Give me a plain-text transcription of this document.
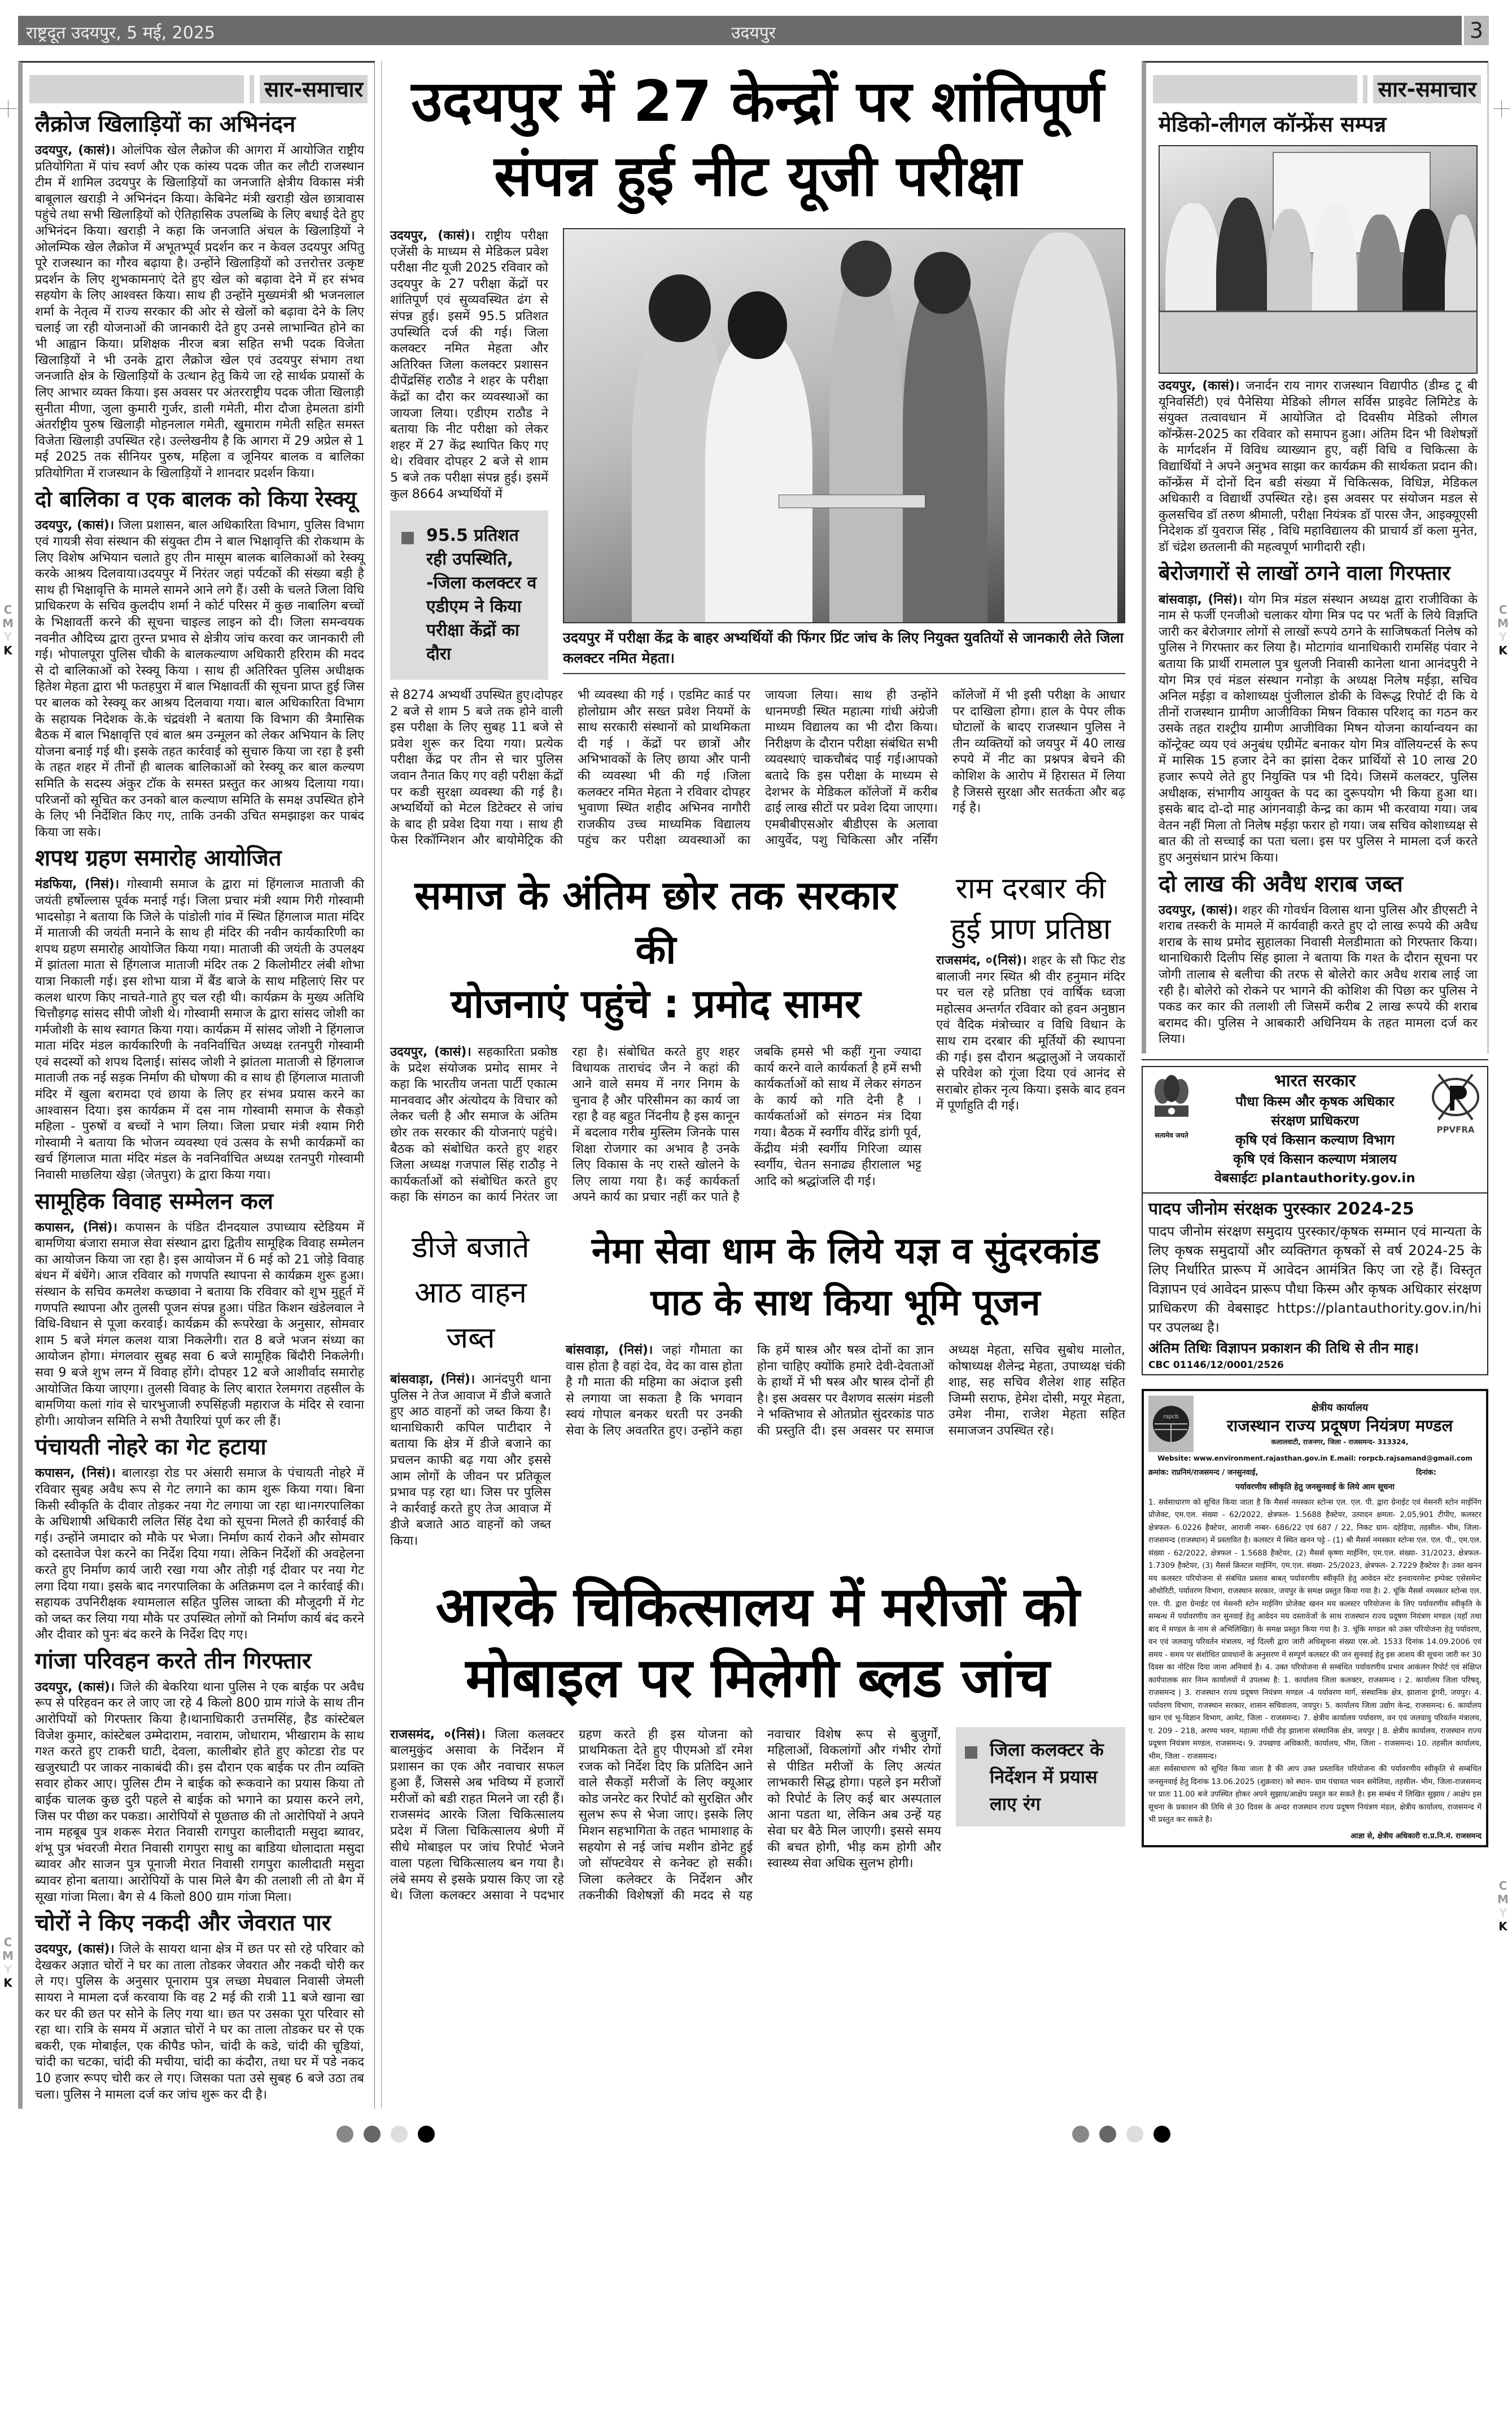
राष्ट्रदूत उदयपुर, 5 मई, 2025	उदयपुर	3
सार-समाचार
लैक्रोज खिलाड़ियों का अभिनंदन

उदयपुर, (कासं)। ओलंपिक खेल लैक्रोज की आगरा में आयोजित राष्ट्रीय प्रतियोगिता में पांच स्वर्ण और एक कांस्य पदक जीत कर लौटी राजस्थान टीम में शामिल उदयपुर के खिलाड़ियों का जनजाति क्षेत्रीय विकास मंत्री बाबूलाल खराड़ी ने अभिनंदन किया। केबिनेट मंत्री खराड़ी खेल छात्रावास पहुंचे तथा सभी खिलाड़ियों को ऐतिहासिक उपलब्धि के लिए बधाई देते हुए अभिनंदन किया। खराड़ी ने कहा कि जनजाति अंचल के खिलाड़ियों ने ओलम्पिक खेल लैक्रोज में अभूतभ्पूर्व प्रदर्शन कर न केवल उदयपुर अपितु पूरे राजस्थान का गौरव बढ़ाया है। उन्होंने खिलाड़ियों को उत्तरोत्तर उत्कृष्ट प्रदर्शन के लिए शुभकामनाएं देते हुए खेल को बढ़ावा देने में हर संभव सहयोग के लिए आश्वस्त किया। साथ ही उन्होंने मुख्यमंत्री श्री भजनलाल शर्मा के नेतृत्व में राज्य सरकार की ओर से खेलों को बढ़ावा देने के लिए चलाई जा रही योजनाओं की जानकारी देते हुए उनसे लाभान्वित होने का भी आह्वान किया। प्रशिक्षक नीरज बत्रा सहित सभी पदक विजेता खिलाड़ियों ने भी उनके द्वारा लैक्रोज खेल एवं उदयपुर संभाग तथा जनजाति क्षेत्र के खिलाड़ियों के उत्थान हेतु किये जा रहे सार्थक प्रयासों के लिए आभार व्यक्त किया। इस अवसर पर अंतरराष्ट्रीय पदक जीता खिलाड़ी सुनीता मीणा, जुला कुमारी गुर्जर, डाली गमेती, मीरा दौजा हेमलता डांगी अंतर्राष्ट्रीय पुरुष खिलाड़ी मोहनलाल गमेती, खुमाराम गमेती सहित समस्त विजेता खिलाड़ी उपस्थित रहे। उल्लेखनीय है कि आगरा में 29 अप्रेल से 1 मई 2025 तक सीनियर पुरुष, महिला व जूनियर बालक व बालिका प्रतियोगिता में राजस्थान के खिलाड़ियों ने शानदार प्रदर्शन किया।

दो बालिका व एक बालक को किया रेस्क्यू

उदयपुर, (कासं)। जिला प्रशासन, बाल अधिकारिता विभाग, पुलिस विभाग एवं गायत्री सेवा संस्थान की संयुक्त टीम ने बाल भिक्षावृत्ति की रोकथाम के लिए विशेष अभियान चलाते हुए तीन मासूम बालक बालिकाओं को रेस्क्यू करके आश्रय दिलवाया।उदयपुर में निरंतर जहां पर्यटकों की संख्या बड़ी है साथ ही भिक्षावृत्ति के मामले सामने आने लगे हैं। उसी के चलते जिला विधि प्राधिकरण के सचिव कुलदीप शर्मा ने कोर्ट परिसर में कुछ नाबालिग बच्चों के भिक्षावर्ती करने की सूचना चाइल्ड लाइन को दी। जिला समन्वयक नवनीत औदिच्य द्वारा तुरन्त प्रभाव से क्षेत्रीय जांच करवा कर जानकारी ली गई। भोपालपूरा पुलिस चौकी के बालकल्याण अधिकारी हरिराम की मदद से दो बालिकाओं को रेस्क्यू किया । साथ ही अतिरिक्त पुलिस अधीक्षक हितेश मेहता द्वारा भी फतहपुरा में बाल भिक्षावर्ती की सूचना प्राप्त हुई जिस पर बालक को रेस्क्यू कर आश्रय दिलवाया गया। बाल अधिकारिता विभाग के सहायक निदेशक के.के चंद्रवंशी ने बताया कि विभाग की त्रैमासिक बैठक में बाल भिक्षावृत्ति एवं बाल श्रम उन्मूलन को लेकर अभियान के लिए योजना बनाई गई थी। इसके तहत कार्रवाई को सुचारु किया जा रहा है इसी के तहत शहर में तीनों ही बालक बालिकाओं को रेस्क्यू कर बाल कल्यण समिति के सदस्य अंकुर टॉक के समस्त प्रस्तुत कर आश्रय दिलाया गया। परिजनों को सूचित कर उनको बाल कल्याण समिति के समक्ष उपस्थित होने के लिए भी निर्देशित किए गए, ताकि उनकी उचित समझाइश कर पाबंद किया जा सके।

शपथ ग्रहण समारोह आयोजित

मंडफिया, (निसं)। गोस्वामी समाज के द्वारा मां हिंगलाज माताजी की जयंती हर्षोल्लास पूर्वक मनाई गई। जिला प्रचार मंत्री श्याम गिरी गोस्वामी भादसोड़ा ने बताया कि जिले के पांडोली गांव में स्थित हिंगलाज माता मंदिर में माताजी की जयंती मनाने के साथ ही मंदिर की नवीन कार्यकारिणी का शपथ ग्रहण समारोह आयोजित किया गया। माताजी की जयंती के उपलक्ष्य में झांतला माता से हिंगलाज माताजी मंदिर तक 2 किलोमीटर लंबी शोभा यात्रा निकाली गई। इस शोभा यात्रा में बैंड बाजे के साथ महिलाएं सिर पर कलश धारण किए नाचते-गाते हुए चल रही थी। कार्यक्रम के मुख्य अतिथि चित्तौड़गढ़ सांसद सीपी जोशी थे। गोस्वामी समाज के द्वारा सांसद जोशी का गर्मजोशी के साथ स्वागत किया गया। कार्यक्रम में सांसद जोशी ने हिंगलाज माता मंदिर मंडल कार्यकारिणी के नवनिर्वाचित अध्यक्ष रतनपुरी गोस्वामी एवं सदस्यों को शपथ दिलाई। सांसद जोशी ने झांतला माताजी से हिंगलाज माताजी तक नई सड़क निर्माण की घोषणा की व साथ ही हिंगलाज माताजी मंदिर में खुला बरामदा एवं छाया के लिए हर संभव प्रयास करने का आश्वासन दिया। इस कार्यक्रम में दस नाम गोस्वामी समाज के सैकड़ो महिला - पुरुषों व बच्चों ने भाग लिया। जिला प्रचार मंत्री श्याम गिरी गोस्वामी ने बताया कि भोजन व्यवस्था एवं उत्सव के सभी कार्यक्रमों का खर्च हिंगलाज माता मंदिर मंडल के नवनिर्वाचित अध्यक्ष रतनपुरी गोस्वामी निवासी माछलिया खेड़ा (जेतपुरा) के द्वारा किया गया।

सामूहिक विवाह सम्मेलन कल

कपासन, (निसं)। कपासन के पंडित दीनदयाल उपाध्याय स्टेडियम में बामणिया बंजारा समाज सेवा संस्थान द्वारा द्वितीय सामूहिक विवाह सम्मेलन का आयोजन किया जा रहा है। इस आयोजन में 6 मई को 21 जोड़े विवाह बंधन में बंधेंगे। आज रविवार को गणपति स्थापना से कार्यक्रम शुरू हुआ। संस्थान के सचिव कमलेश कच्छावा ने बताया कि रविवार को शुभ मुहूर्त में गणपति स्थापना और तुलसी पूजन संपन्न हुआ। पंडित किशन खंडेलवाल ने विधि-विधान से पूजा करवाई। कार्यक्रम की रूपरेखा के अनुसार, सोमवार शाम 5 बजे मंगल कलश यात्रा निकलेगी। रात 8 बजे भजन संध्या का आयोजन होगा। मंगलवार सुबह सवा 6 बजे सामूहिक बिंदौरी निकलेगी। सवा 9 बजे शुभ लग्न में विवाह होंगे। दोपहर 12 बजे आशीर्वाद समारोह आयोजित किया जाएगा। तुलसी विवाह के लिए बारात रेलमगरा तहसील के बामणिया कलां गांव से चारभुजाजी रुपसिंहजी महाराज के मंदिर से रवाना होगी। आयोजन समिति ने सभी तैयारियां पूर्ण कर ली हैं।

पंचायती नोहरे का गेट हटाया

कपासन, (निसं)। बालारड़ा रोड पर अंसारी समाज के पंचायती नोहरे में रविवार सुबह अवैध रूप से गेट लगाने का काम शुरू किया गया। बिना किसी स्वीकृति के दीवार तोड़कर नया गेट लगाया जा रहा था।नगरपालिका के अधिशाषी अधिकारी ललित सिंह देथा को सूचना मिलते ही कार्रवाई की गई। उन्होंने जमादार को मौके पर भेजा। निर्माण कार्य रोकने और सोमवार को दस्तावेज पेश करने का निर्देश दिया गया। लेकिन निर्देशों की अवहेलना करते हुए निर्माण कार्य जारी रखा गया और तोड़ी गई दीवार पर नया गेट लगा दिया गया। इसके बाद नगरपालिका के अतिक्रमण दल ने कार्रवाई की। सहायक उपनिरीक्षक श्यामलाल सहित पुलिस जाब्ता की मौजूदगी में गेट को जब्त कर लिया गया मौके पर उपस्थित लोगों को निर्माण कार्य बंद करने और दीवार को पुनः बंद करने के निर्देश दिए गए।

गांजा परिवहन करते तीन गिरफ्तार

उदयपुर, (कासं)। जिले की बेकरिया थाना पुलिस ने एक बाईक पर अवैध रूप से परिहवन कर ले जाए जा रहे 4 किलो 800 ग्राम गांजे के साथ तीन आरोपियों को गिरफ्तार किया है।थानाधिकारी उत्तमसिंह, हैड कांस्टेबल विजेश कुमार, कांस्टेबल उम्मेदाराम, नवाराम, जोधाराम, भीखाराम के साथ गश्त करते हुए टाकरी घाटी, देवला, कालीबोर होते हुए कोटडा रोड पर खजुरघाटी पर जाकर नाकाबंदी की। इस दौरान एक बाईक पर तीन व्यक्ति सवार होकर आए। पुलिस टीम ने बाईक को रूकवाने का प्रयास किया तो बाईक चालक कुछ दुरी पहले से बाईक को भगाने का प्रयास करने लगे, जिस पर पीछा कर पकडा। आरोपियों से पूछताछ की तो आरोपियों ने अपने नाम महबूब पुत्र शकरू मेरात निवासी रागपुरा कालीदाती मसुदा ब्यावर, शंभू पुत्र भंवरजी मेरात निवासी रागपुरा साधु का बाडिया धोलादाता मसुदा ब्यावर और साजन पुत्र पूनाजी मेरात निवासी रागपुरा कालीदाती मसुदा ब्यावर होना बताया। आरोपियों के पास मिले बैग की तलाशी ली तो बैग में सूखा गांजा मिला। बैग से 4 किलो 800 ग्राम गांजा मिला।

चोरों ने किए नकदी और जेवरात पार

उदयपुर, (कासं)। जिले के सायरा थाना क्षेत्र में छत पर सो रहे परिवार को देखकर अज्ञात चोरों ने घर का ताला तोडकर जेवरात और नकदी चोरी कर ले गए। पुलिस के अनुसार पूनाराम पुत्र लच्छा मेघवाल निवासी जेमली सायरा ने मामला दर्ज करवाया कि वह 2 मई की रात्री 11 बजे खाना खा कर घर की छत पर सोने के लिए गया था। छत पर उसका पूरा परिवार सो रहा था। रात्रि के समय में अज्ञात चोरों ने घर का ताला तोडकर घर से एक बकरी, एक मोबाईल, एक कीपैड फोन, चांदी के कडे, चांदी की चूडियां, चांदी का चटका, चांदी की मचीया, चांदी का कंदौरा, तथा घर में पडे नकद 10 हजार रूपए चोरी कर ले गए। जिसका पता उसे सुबह 6 बजे उठा तब चला। पुलिस ने मामला दर्ज कर जांच शुरू कर दी है।

उदयपुर में 27 केन्द्रों पर शांतिपूर्ण
संपन्न हुई नीट यूजी परीक्षा

उदयपुर, (कासं)। राष्ट्रीय परीक्षा एजेंसी के माध्यम से मेडिकल प्रवेश परीक्षा नीट यूजी 2025 रविवार को उदयपुर के 27 परीक्षा केंद्रों पर शांतिपूर्ण एवं सुव्यवस्थित ढंग से संपन्न हुई। इसमें 95.5 प्रतिशत उपस्थिति दर्ज की गई। जिला कलक्टर नमित मेहता और अतिरिक्त जिला कलक्टर प्रशासन दीपेंद्रसिंह राठौड ने शहर के परीक्षा केंद्रों का दौरा कर व्यवस्थाओं का जायजा लिया। एडीएम राठौड ने बताया कि नीट परीक्षा को लेकर शहर में 27 केंद्र स्थापित किए गए थे। रविवार दोपहर 2 बजे से शाम 5 बजे तक परीक्षा संपन्न हुई। इसमें कुल 8664 अभ्यर्थियों में

95.5 प्रतिशत रही उपस्थिति, -जिला कलक्टर व एडीएम ने किया परीक्षा केंद्रों का दौरा
उदयपुर में परीक्षा केंद्र के बाहर अभ्यर्थियों की फिंगर प्रिंट जांच के लिए नियुक्त युवतियों से जानकारी लेते जिला कलक्टर नमित मेहता।

से 8274 अभ्यर्थी उपस्थित हुए।दोपहर 2 बजे से शाम 5 बजे तक होने वाली इस परीक्षा के लिए सुबह 11 बजे से प्रवेश शुरू कर दिया गया। प्रत्येक परीक्षा केंद्र पर तीन से चार पुलिस जवान तैनात किए गए वही परीक्षा केंद्रों पर कडी सुरक्षा व्यवस्था की गई है। अभ्यर्थियों को मेटल डिटेक्टर से जांच के बाद ही प्रवेश दिया गया । साथ ही फेस रिकॉग्निशन और बायोमेट्रिक की भी व्यवस्था की गई । एडमिट कार्ड पर होलोग्राम और सख्त प्रवेश नियमों के साथ सरकारी संस्थानों को प्राथमिकता दी गई । केंद्रों पर छात्रों और अभिभावकों के लिए छाया और पानी की व्यवस्था भी की गई ।जिला कलक्टर नमित मेहता ने रविवार दोपहर भुवाणा स्थित शहीद अभिनव नागौरी राजकीय उच्च माध्यमिक विद्यालय पहुंच कर परीक्षा व्यवस्थाओं का जायजा लिया। साथ ही उन्होंने धानमण्डी स्थित महात्मा गांधी अंग्रेजी माध्यम विद्यालय का भी दौरा किया। निरीक्षण के दौरान परीक्षा संबंधित सभी व्यवस्थाएं चाकचौबंद पाई गई।आपको बतादे कि इस परीक्षा के माध्यम से देशभर के मेडिकल कॉलेजों में करीब ढाई लाख सीटों पर प्रवेश दिया जाएगा। एमबीबीएसओर बीडीएस के अलावा आयुर्वेद, पशु चिकित्सा और नर्सिंग कॉलेजों में भी इसी परीक्षा के आधार पर दाखिला होगा। हाल के पेपर लीक घोटालों के बादए राजस्थान पुलिस ने तीन व्यक्तियों को जयपुर में 40 लाख रुपये में नीट का प्रश्नपत्र बेचने की कोशिश के आरोप में हिरासत में लिया है जिससे सुरक्षा और सतर्कता और बढ़ गई है।

समाज के अंतिम छोर तक सरकार की
योजनाएं पहुंचे : प्रमोद सामर

उदयपुर, (कासं)। सहकारिता प्रकोष्ठ के प्रदेश संयोजक प्रमोद सामर ने कहा कि भारतीय जनता पार्टी एकात्म मानववाद और अंत्योदय के विचार को लेकर चली है और समाज के अंतिम छोर तक सरकार की योजनाएं पहुंचे। बैठक को संबोधित करते हुए शहर जिला अध्यक्ष गजपाल सिंह राठौड़ ने कार्यकर्ताओं को संबोधित करते हुए कहा कि संगठन का कार्य निरंतर जा रहा है। संबोधित करते हुए शहर विधायक ताराचंद जैन ने कहां की आने वाले समय में नगर निगम के चुनाव है और परिसीमन का कार्य जा रहा है वह बहुत निंदनीय है इस कानून में बदलाव गरीब मुस्लिम जिनके पास शिक्षा रोजगार का अभाव है उनके लिए विकास के नए रास्ते खोलने के लिए लाया गया है। कई कार्यकर्ता अपने कार्य का प्रचार नहीं कर पाते है जबकि हमसे भी कहीं गुना ज्यादा कार्य करने वाले कार्यकर्ता है हमें सभी कार्यकर्ताओं को साथ में लेकर संगठन के कार्य को गति देनी है । कार्यकर्ताओं को संगठन मंत्र दिया गया। बैठक में स्वर्गीय वीरेंद्र डांगी पूर्व, केंद्रीय मंत्री स्वर्गीय गिरिजा व्यास स्वर्गीय, चेतन सनाढ्य हीरालाल भट्ट आदि को श्रद्धांजलि दी गई।

राम दरबार की हुई प्राण प्रतिष्ठा

राजसमंद, ०(निसं)। शहर के सौ फिट रोड बालाजी नगर स्थित श्री वीर हनुमान मंदिर पर चल रहे प्रतिष्ठा एवं वार्षिक ध्वजा महोत्सव अन्तर्गत रविवार को हवन अनुष्ठान एवं वैदिक मंत्रोच्चार व विधि विधान के साथ राम दरबार की मूर्तियों की स्थापना की गई। इस दौरान श्रद्धालुओं ने जयकारों से परिवेश को गूंजा दिया एवं आनंद से सराबोर होकर नृत्य किया। इसके बाद हवन में पूर्णाहुति दी गई।

डीजे बजाते आठ वाहन जब्त

बांसवाड़ा, (निसं)। आनंदपुरी थाना पुलिस ने तेज आवाज में डीजे बजाते हुए आठ वाहनों को जब्त किया है। थानाधिकारी कपिल पाटीदार ने बताया कि क्षेत्र में डीजे बजाने का प्रचलन काफी बढ़ गया और इससे आम लोगों के जीवन पर प्रतिकूल प्रभाव पड़ रहा था। जिस पर पुलिस ने कार्रवाई करते हुए तेज आवाज में डीजे बजाते आठ वाहनों को जब्त किया।

नेमा सेवा धाम के लिये यज्ञ व सुंदरकांड
पाठ के साथ किया भूमि पूजन

बांसवाड़ा, (निसं)। जहां गौमाता का वास होता है वहां देव, वेद का वास होता है गौ माता की महिमा का अंदाज इसी से लगाया जा सकता है कि भगवान स्वयं गोपाल बनकर धरती पर उनकी सेवा के लिए अवतरित हुए। उन्होंने कहा कि हमें षास्त्र और षस्त्र दोनों का ज्ञान होना चाहिए क्योंकि हमारे देवी-देवताओं के हाथों में भी षस्त्र और षास्त्र दोनों ही है। इस अवसर पर वैशणव सत्संग मंडली ने भक्तिभाव से ओतप्रोत सुंदरकांड पाठ की प्रस्तुति दी। इस अवसर पर समाज अध्यक्ष मेहता, सचिव सुबोध मालोत, कोषाध्यक्ष शैलेन्द्र मेहता, उपाध्यक्ष चंकी शाह, सह सचिव शैलेश शाह सहित जिम्मी सराफ, हेमेश दोसी, मयूर मेहता, उमेश नीमा, राजेश मेहता सहित समाजजन उपस्थित रहे।

आरके चिकित्सालय में मरीजों को
मोबाइल पर मिलेगी ब्लड जांच

राजसमंद, ०(निसं)। जिला कलक्टर बालमुकुंद असावा के निर्देशन में प्रशासन का एक और नवाचार सफल हुआ हैं, जिससे अब भविष्य में हजारों मरीजों को बडी राहत मिलने जा रही हैं। राजसमंद आरके जिला चिकित्सालय प्रदेश में जिला चिकित्सालय श्रेणी में सीधे मोबाइल पर जांच रिपोर्ट भेजने वाला पहला चिकित्सालय बन गया है। लंबे समय से इसके प्रयास किए जा रहे थे। जिला कलक्टर असावा ने पदभार ग्रहण करते ही इस योजना को प्राथमिकता देते हुए पीएमओ डॉ रमेश रजक को निर्देश दिए कि प्रतिदिन आने वाले सैकड़ों मरीजों के लिए क्यूआर कोड जनरेट कर रिपोर्ट को सुरक्षित और सुलभ रूप से भेजा जाए। इसके लिए मिशन सहभागिता के तहत भामाशाह के सहयोग से नई जांच मशीन डोनेट हुई जो सॉफ्टवेयर से कनेक्ट हो सकी। जिला कलेक्टर के निर्देशन और तकनीकी विशेषज्ञों की मदद से यह नवाचार विशेष रूप से बुजुर्गों, महिलाओं, विकलांगों और गंभीर रोगों से पीडित मरीजों के लिए अत्यंत लाभकारी सिद्ध होगा। पहले इन मरीजों को रिपोर्ट के लिए कई बार अस्पताल आना पडता था, लेकिन अब उन्हें यह सेवा घर बैठे मिल जाएगी। इससे समय की बचत होगी, भीड़ कम होगी और स्वास्थ्य सेवा अधिक सुलभ होगी।

जिला कलक्टर के निर्देशन में प्रयास लाए रंग
सार-समाचार
मेडिको-लीगल कॉन्फ्रेंस सम्पन्न

उदयपुर, (कासं)। जनार्दन राय नागर राजस्थान विद्यापीठ (डीम्ड टू बी यूनिवर्सिटी) एवं पैनेसिया मेडिको लीगल सर्विस प्राइवेट लिमिटेड के संयुक्त तत्वावधान में आयोजित दो दिवसीय मेडिको लीगल कॉन्फ्रेंस-2025 का रविवार को समापन हुआ। अंतिम दिन भी विशेषज्ञों के मार्गदर्शन में विविध व्याख्यान हुए, वहीं विधि व चिकित्सा के विद्यार्थियों ने अपने अनुभव साझा कर कार्यक्रम की सार्थकता प्रदान की। कॉन्फ्रेंस में दोनों दिन बडी संख्या में चिकित्सक, विधिज्ञ, मेडिकल अधिकारी व विद्यार्थी उपस्थित रहे। इस अवसर पर संयोजन मडल से कुलसचिव डॉ तरुण श्रीमाली, परीक्षा नियंत्रक डॉ पारस जैन, आइक्यूएसी निदेशक डॉ युवराज सिंह , विधि महाविद्यालय की प्राचार्य डॉ कला मुनेत, डॉ चंद्रेश छतलानी की महत्वपूर्ण भागीदारी रही।

बेरोजगारों से लाखों ठगने वाला गिरफ्तार

बांसवाड़ा, (निसं)। योग मित्र मंडल संस्थान अध्यक्ष द्वारा राजीविका के नाम से फर्जी एनजीओ चलाकर योगा मित्र पद पर भर्ती के लिये विज्ञप्ति जारी कर बेरोजगार लोगों से लाखों रूपये ठगने के साजिषकर्ता निलेष को पुलिस ने गिरफ्तार कर लिया है। मोटागांव थानाधिकारी रामसिंह पंवार ने बताया कि प्रार्थी रामलाल पुत्र धुलजी निवासी कानेला थाना आनंदपुरी ने योग मित्र एवं मंडल संस्थान गनोड़ा के अध्यक्ष निलेष मईड़ा, सचिव अनिल मईड़ा व कोशाध्यक्ष पुंजीलाल डोकी के विरूद्ध रिपोर्ट दी कि ये तीनों राजस्थान ग्रामीण आजीविका मिषन विकास परिशद् का गठन कर उसके तहत राश्ट्रीय ग्रामीण आजीविका मिषन योजना कार्यान्वयन का कॉन्ट्रेक्ट व्यय एवं अनुबंध एग्रीमेंट बनाकर योग मित्र वॉलियन्टर्स के रूप में मासिक 15 हजार देने का झांसा देकर प्रार्थियों से 10 लाख 20 हजार रूपये लेते हुए नियुक्ति पत्र भी दिये। जिसमें कलक्टर, पुलिस अधीक्षक, संभागीय आयुक्त के पद का दुरूपयोग भी किया हुआ था। इसके बाद दो-दो माह आंगनवाड़ी केन्द्र का काम भी करवाया गया। जब वेतन नहीं मिला तो निलेष मईड़ा फरार हो गया। जब सचिव कोशाध्यक्ष से बात की तो सच्चाई का पता चला। इस पर पुलिस ने मामला दर्ज करते हुए अनुसंधान प्रारंभ किया।

दो लाख की अवैध शराब जब्त

उदयपुर, (कासं)। शहर की गोवर्धन विलास थाना पुलिस और डीएसटी ने शराब तस्करी के मामले में कार्यवाही करते हुए दो लाख रूपये की अवैध शराब के साथ प्रमोद सुहालका निवासी मेलडीमाता को गिरफ्तार किया।थानाधिकारी दिलीप सिंह झाला ने बताया कि गश्त के दौरान सूचना पर जोगी तालाब से बलीचा की तरफ से बोलेरो कार अवैध शराब लाई जा रही है। बोलेरो को रोकने पर भागने की कोशिश की पिछा कर पुलिस ने पकड कर कार की तलाशी ली जिसमें करीब 2 लाख रूपये की शराब बरामद की। पुलिस ने आबकारी अधिनियम के तहत मामला दर्ज कर लिया।

सत्यमेव जयते
PPVFRA
भारत सरकार
पौधा किस्म और कृषक अधिकार
संरक्षण प्राधिकरण
कृषि एवं किसान कल्याण विभाग
कृषि एवं किसान कल्याण मंत्रालय
वेबसाईटः plantauthority.gov.in
पादप जीनोम संरक्षक पुरस्कार 2024-25

पादप जीनोम संरक्षण समुदाय पुरस्कार/कृषक सम्मान एवं मान्यता के लिए कृषक समुदायों और व्यक्तिगत कृषकों से वर्ष 2024-25 के लिए निर्धारित प्रारूप में आवेदन आमंत्रित किए जा रहे हैं। विस्तृत विज्ञापन एवं आवेदन प्रारूप पौधा किस्म और कृषक अधिकार संरक्षण प्राधिकरण की वेबसाइट https://plantauthority.gov.in/hi पर उपलब्ध है।

अंतिम तिथिः विज्ञापन प्रकाशन की तिथि से तीन माह।
CBC 01146/12/0001/2526
rspcb
क्षेत्रीय कार्यालय
राजस्थान राज्य प्रदूषण नियंत्रण मण्डल
कलालवाटी, राजनगर, जिला - राजसमन्द- 313324,
Website: www.environment.rajasthan.gov.in E.mail: rorpcb.rajsamand@gmail.com
क्रमांक: राप्रनिमं/राजसमन्द / जनसुनवाई,	दिनांक:
पर्यावरणीय स्वीकृति हेतु जनसुनवाई के लिये आम सूचना

1. सर्वसाधारण को सूचित किया जाता है कि मैसर्स नमस्कार स्टोन्स एल. एल. पी. द्वारा ग्रेनाईट एवं मेसनरी स्टोन माईनिंग प्रोजेक्ट, एम.एल. संख्या - 62/2022, क्षेत्रफल- 1.5688 हैक्टेयर, उत्पादन क्षमता- 2,05,901 टीपीए, कलस्टर क्षेत्रफल- 6.0226 हैक्टेयर, आराजी नम्बर- 686/22 एवं 687 / 22, निकट ग्राम- दहेड़िया, तहसील- भीम, जिला- राजसमन्द (राजस्थान) में प्रस्तावित है। कलस्टर में स्थित खनन पट्टे - (1) श्री मैसर्स नमस्कार स्टोन्स एल. एल. पी., एम.एल. संख्या - 62/2022, क्षेत्रफल - 1.5688 हैक्टेयर, (2) मैसर्स कृष्णा माईनिंग, एम.एल. संख्या- 31/2023, क्षेत्रफल- 1.7309 हैक्टेयर, (3) मैसर्स क्रिस्टल माईनिंग, एम.एल. संख्या- 25/2023, क्षेत्रफल- 2.7229 हैक्टेयर है। उक्त खनन मय कलस्टर परियोजना से संबंधित प्रस्ताव बाबत् पर्यावरणीय स्वीकृति हेतु आवेदन स्टेट इनवायरमेन्ट इम्पेक्ट एसेसमेन्ट ऑथोरिटी, पर्यावरण विभाग, राजस्थान सरकार, जयपुर के समक्ष प्रस्तुत किया गया है। 2. चूंकि मैसर्स नमस्कार स्टोन्स एल. एल. पी. द्वारा ग्रेनाईट एवं मेसनरी स्टोन माईनिंग प्रोजेक्ट खनन मय कलस्टर परियोजना के लिए पर्यावरणीय स्वीकृति के सम्बन्ध में पर्यावरणीय जन सुनवाई हेतु आवेदन मय दस्तावेजों के साथ राजस्थान राज्य प्रदूषण नियंत्रण मण्डल (यहाँ तथा बाद में मण्डल के नाम से अभिलिखित) के समक्ष प्रस्तुत किया गया है। 3. चूंकि मण्डल को उक्त परियोजना हेतु पर्यावरण, वन एवं जलवायु परिवर्तन मंत्रालय, नई दिल्ली द्वारा जारी अधिसूचना संख्या एस.ओ. 1533 दिनांक 14.09.2006 एवं समय - समय पर संशोधित प्रावधानों के अनुसरण में सम्पूर्ण कलस्टर की जन सुनवाई हेतु इस आशय की सूचना जारी कर 30 दिवस का नोटिस दिया जाना अनिवार्य है। 4. उक्त परियोजना से सम्बंधित पर्यावरणीय प्रभाव आकंलन रिपोर्ट एवं संक्षिप्त कार्यपालक सार निम्न कार्यालयों में उपलब्ध है: 1. कार्यालय जिला कलक्टर, राजसमन्द । 2. कार्यालय जिला परिषद्, राजसमन्द | 3. राजस्थान राज्य प्रदूषण नियंत्रण मण्डल -4 पर्यावरण मार्ग, संस्थानिक क्षेत्र, झालाना डूंगरी, जयपुर। 4. पर्यावरण विभाग, राजस्थान सरकार, शासन सचिवालय, जयपुर। 5. कार्यालय जिला उद्योग केन्द्र, राजसमन्द। 6. कार्यालय खान एवं भू-विज्ञान विभाग, आमेट, जिला - राजसमन्द। 7. क्षेत्रीय कार्यालय पर्यावरण, वन एवं जलवायु परिवर्तन मंत्रालय, ए. 209 - 218, अरण्य भवन, महात्मा गॉंधी रोड़ झालाना संस्थानिक क्षेत्र, जयपुर | 8. क्षेत्रीय कार्यालय, राजस्थान राज्य प्रदूषण नियंत्रण मण्डल, राजसमन्द। 9. उपखण्ड अधिकारी, कार्यालय, भीम, जिला - राजसमन्द। 10. तहसील कार्यालय, भीम, जिला - राजसमन्द।

अतः सर्वसाधारण को सूचित किया जाता है की आप उक्त प्रस्तावित परियोजना की पर्यावरणीय स्वीकृति से सम्बंधित जनसुनवाई हेतु दिनांक 13.06.2025 (शुक्रवार) को स्थान- ग्राम पंचायत भवन समेलिया, तहसील- भीम, जिला-राजसमन्द पर प्रातः 11.00 बजे उपस्थित होकर अपने सुझाव/आक्षेप प्रस्तुत कर सकतें है। इस सम्बंध में लिखित सुझाव / आक्षेप इस सूचना के प्रकाशन की तिथि से 30 दिवस के अन्दर राजस्थान राज्य प्रदूषण नियंत्रण मंडल, क्षेत्रीय कार्यालय, राजसमन्द में भी प्रस्तुत कर सकते है।

आज्ञा से, क्षेत्रीय अधिकारी रा.प्र.नि.मं. राजसमन्द
C
M
Y
K
C
M
Y
K
C
M
Y
K
C
M
Y
K
